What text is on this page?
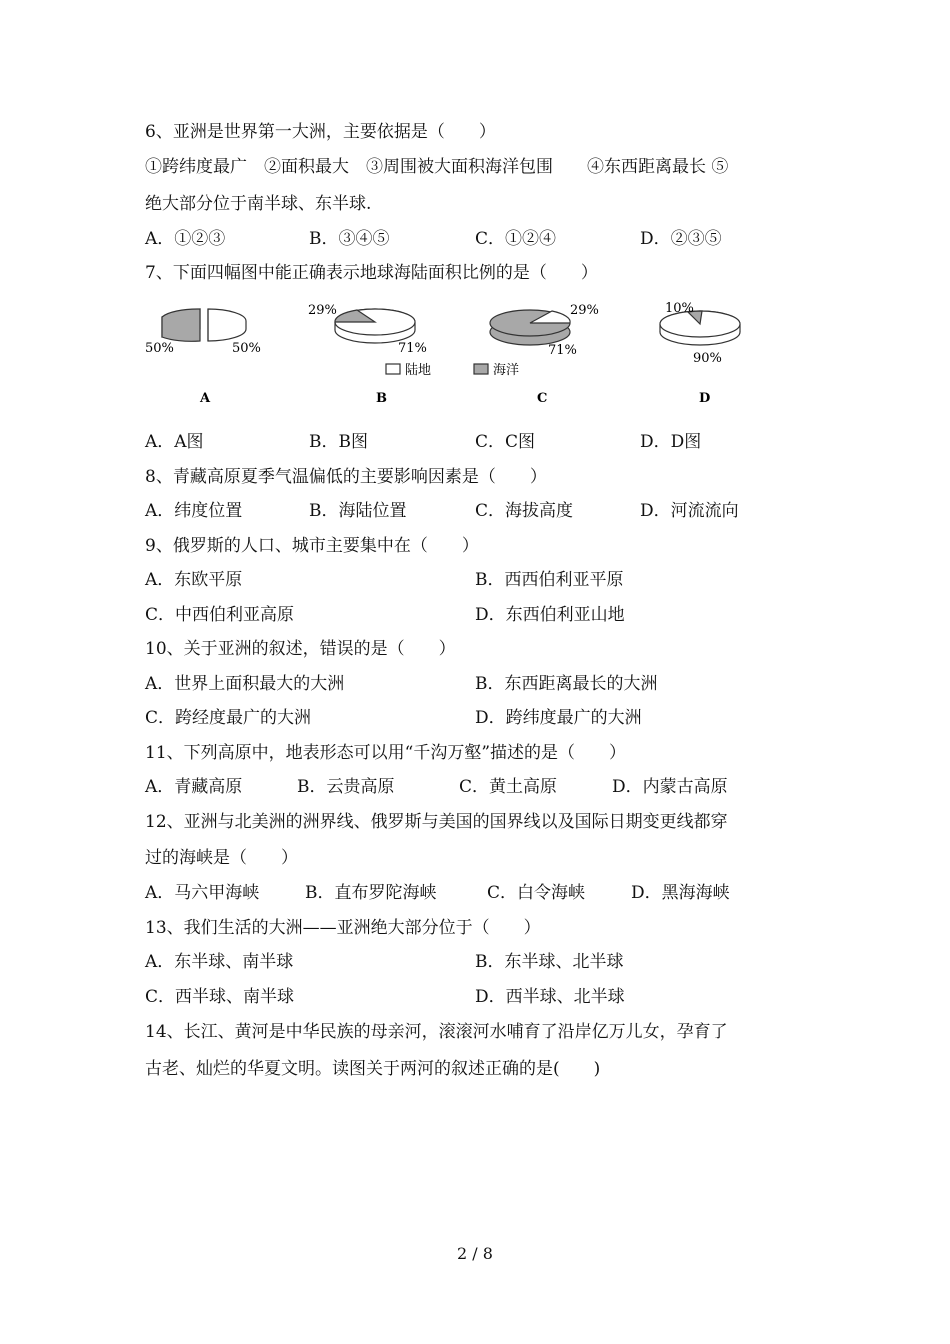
6、亚洲是世界第一大洲，主要依据是（　　）
①跨纬度最广　②面积最大　③周围被大面积海洋包围　　④东西距离最长 ⑤
绝大部分位于南半球、东半球.
A．①②③	B．③④⑤	C．①②④	D．②③⑤
7、下面四幅图中能正确表示地球海陆面积比例的是（　　）
50%	50%
A
29%
71%
B
29%
71%
C
10%
90%
D
陆地	海洋
A．A图	B．B图	C．C图	D．D图
8、青藏高原夏季气温偏低的主要影响因素是（　　）
A．纬度位置	B．海陆位置	C．海拔高度	D．河流流向
9、俄罗斯的人口、城市主要集中在（　　）
A．东欧平原	B．西西伯利亚平原
C．中西伯利亚高原	D．东西伯利亚山地
10、关于亚洲的叙述，错误的是（　　）
A．世界上面积最大的大洲	B．东西距离最长的大洲
C．跨经度最广的大洲	D．跨纬度最广的大洲
11、下列高原中，地表形态可以用“千沟万壑”描述的是（　　）
A．青藏高原	B．云贵高原	C．黄土高原	D．内蒙古高原
12、亚洲与北美洲的洲界线、俄罗斯与美国的国界线以及国际日期变更线都穿
过的海峡是（　　）
A．马六甲海峡	B．直布罗陀海峡	C．白令海峡	D．黑海海峡
13、我们生活的大洲——亚洲绝大部分位于（　　）
A．东半球、南半球	B．东半球、北半球
C．西半球、南半球	D．西半球、北半球
14、长江、黄河是中华民族的母亲河，滚滚河水哺育了沿岸亿万儿女，孕育了
古老、灿烂的华夏文明。读图关于两河的叙述正确的是(　　)
2 / 8
